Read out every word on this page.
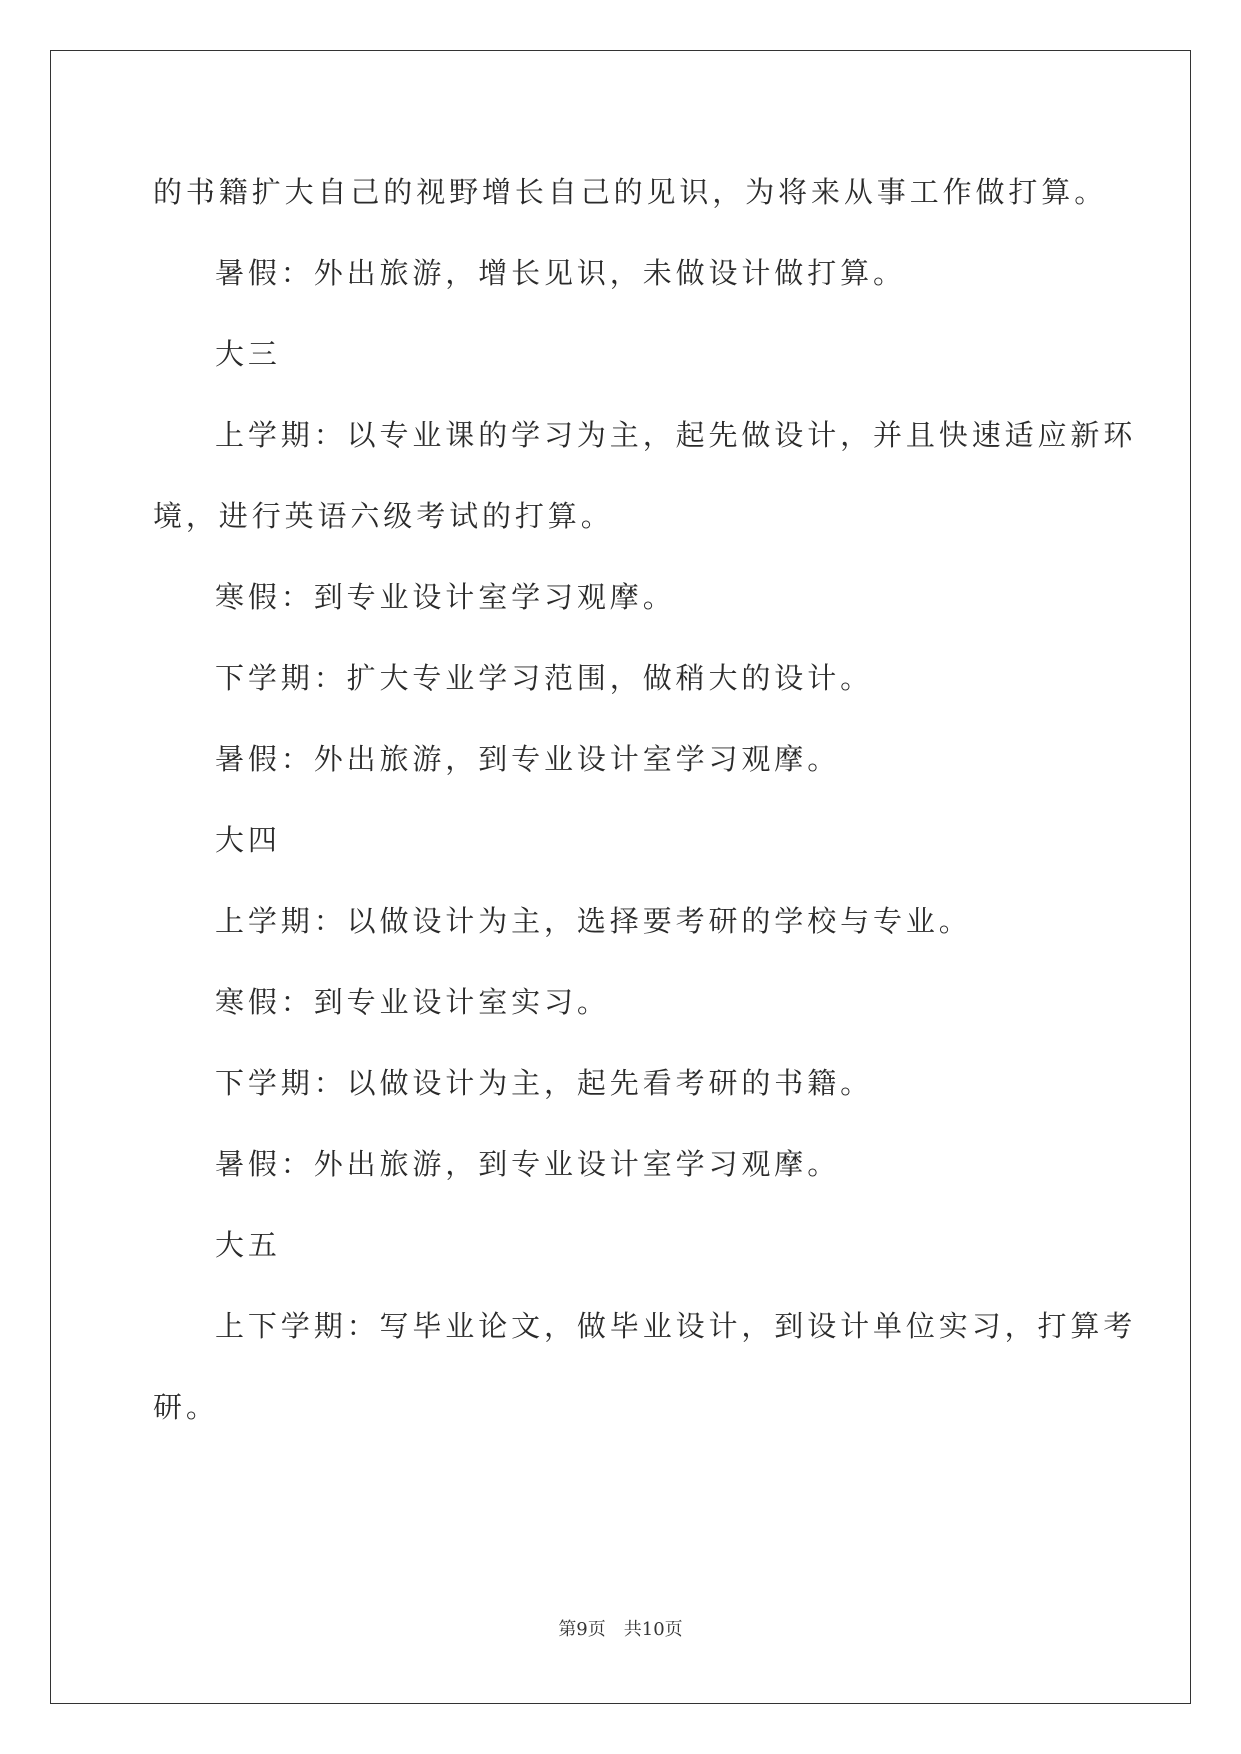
的书籍扩大自己的视野增长自己的见识，为将来从事工作做打算。
暑假：外出旅游，增长见识，未做设计做打算。
大三
上学期：以专业课的学习为主，起先做设计，并且快速适应新环
境，进行英语六级考试的打算。
寒假：到专业设计室学习观摩。
下学期：扩大专业学习范围，做稍大的设计。
暑假：外出旅游，到专业设计室学习观摩。
大四
上学期：以做设计为主，选择要考研的学校与专业。
寒假：到专业设计室实习。
下学期：以做设计为主，起先看考研的书籍。
暑假：外出旅游，到专业设计室学习观摩。
大五
上下学期：写毕业论文，做毕业设计，到设计单位实习，打算考
研。
第9页 共10页
